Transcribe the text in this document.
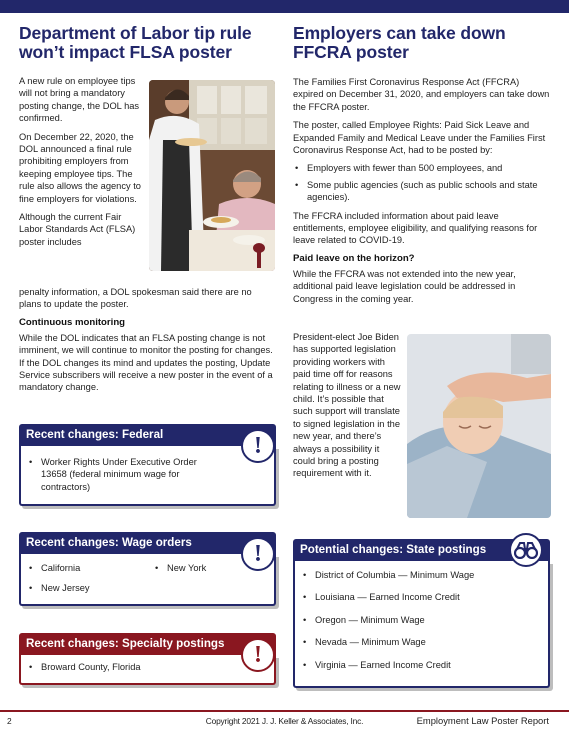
Department of Labor tip rule won’t impact FLSA poster

A new rule on employee tips will not bring a mandatory posting change, the DOL has confirmed.

On December 22, 2020, the DOL announced a final rule prohibiting employers from keeping employee tips. The rule also allows the agency to fine employers for violations.

Although the current Fair Labor Standards Act (FLSA) poster includes

penalty information, a DOL spokesman said there are no plans to update the poster.

Continuous monitoring

While the DOL indicates that an FLSA posting change is not imminent, we will continue to monitor the posting for changes. If the DOL changes its mind and updates the posting, Update Service subscribers will receive a new poster in the event of a mandatory change.

Employers can take down FFCRA poster

The Families First Coronavirus Response Act (FFCRA) expired on December 31, 2020, and employers can take down the FFCRA poster.

The poster, called Employee Rights: Paid Sick Leave and Expanded Family and Medical Leave under the Families First Coronavirus Response Act, had to be posted by:

• Employers with fewer than 500 employees, and
• Some public agencies (such as public schools and state agencies).

The FFCRA included information about paid leave entitlements, employee eligibility, and qualifying reasons for leave related to COVID-19.

Paid leave on the horizon?

While the FFCRA was not extended into the new year, additional paid leave legislation could be addressed in Congress in the coming year.

President-elect Joe Biden has supported legislation providing workers with paid time off for reasons relating to illness or a new child. It’s possible that such support will translate to signed legislation in the new year, and there’s always a possibility it could bring a posting requirement with it.

Recent changes: Federal
• Worker Rights Under Executive Order 13658 (federal minimum wage for contractors)
!
Recent changes: Wage orders
• California
• New Jersey
• New York
!
Recent changes: Specialty postings
• Broward County, Florida	!
Potential changes: State postings
• District of Columbia — Minimum Wage
• Louisiana — Earned Income Credit
• Oregon — Minimum Wage
• Nevada — Minimum Wage
• Virginia — Earned Income Credit
2	Copyright 2021 J. J. Keller & Associates, Inc.	Employment Law Poster Report
